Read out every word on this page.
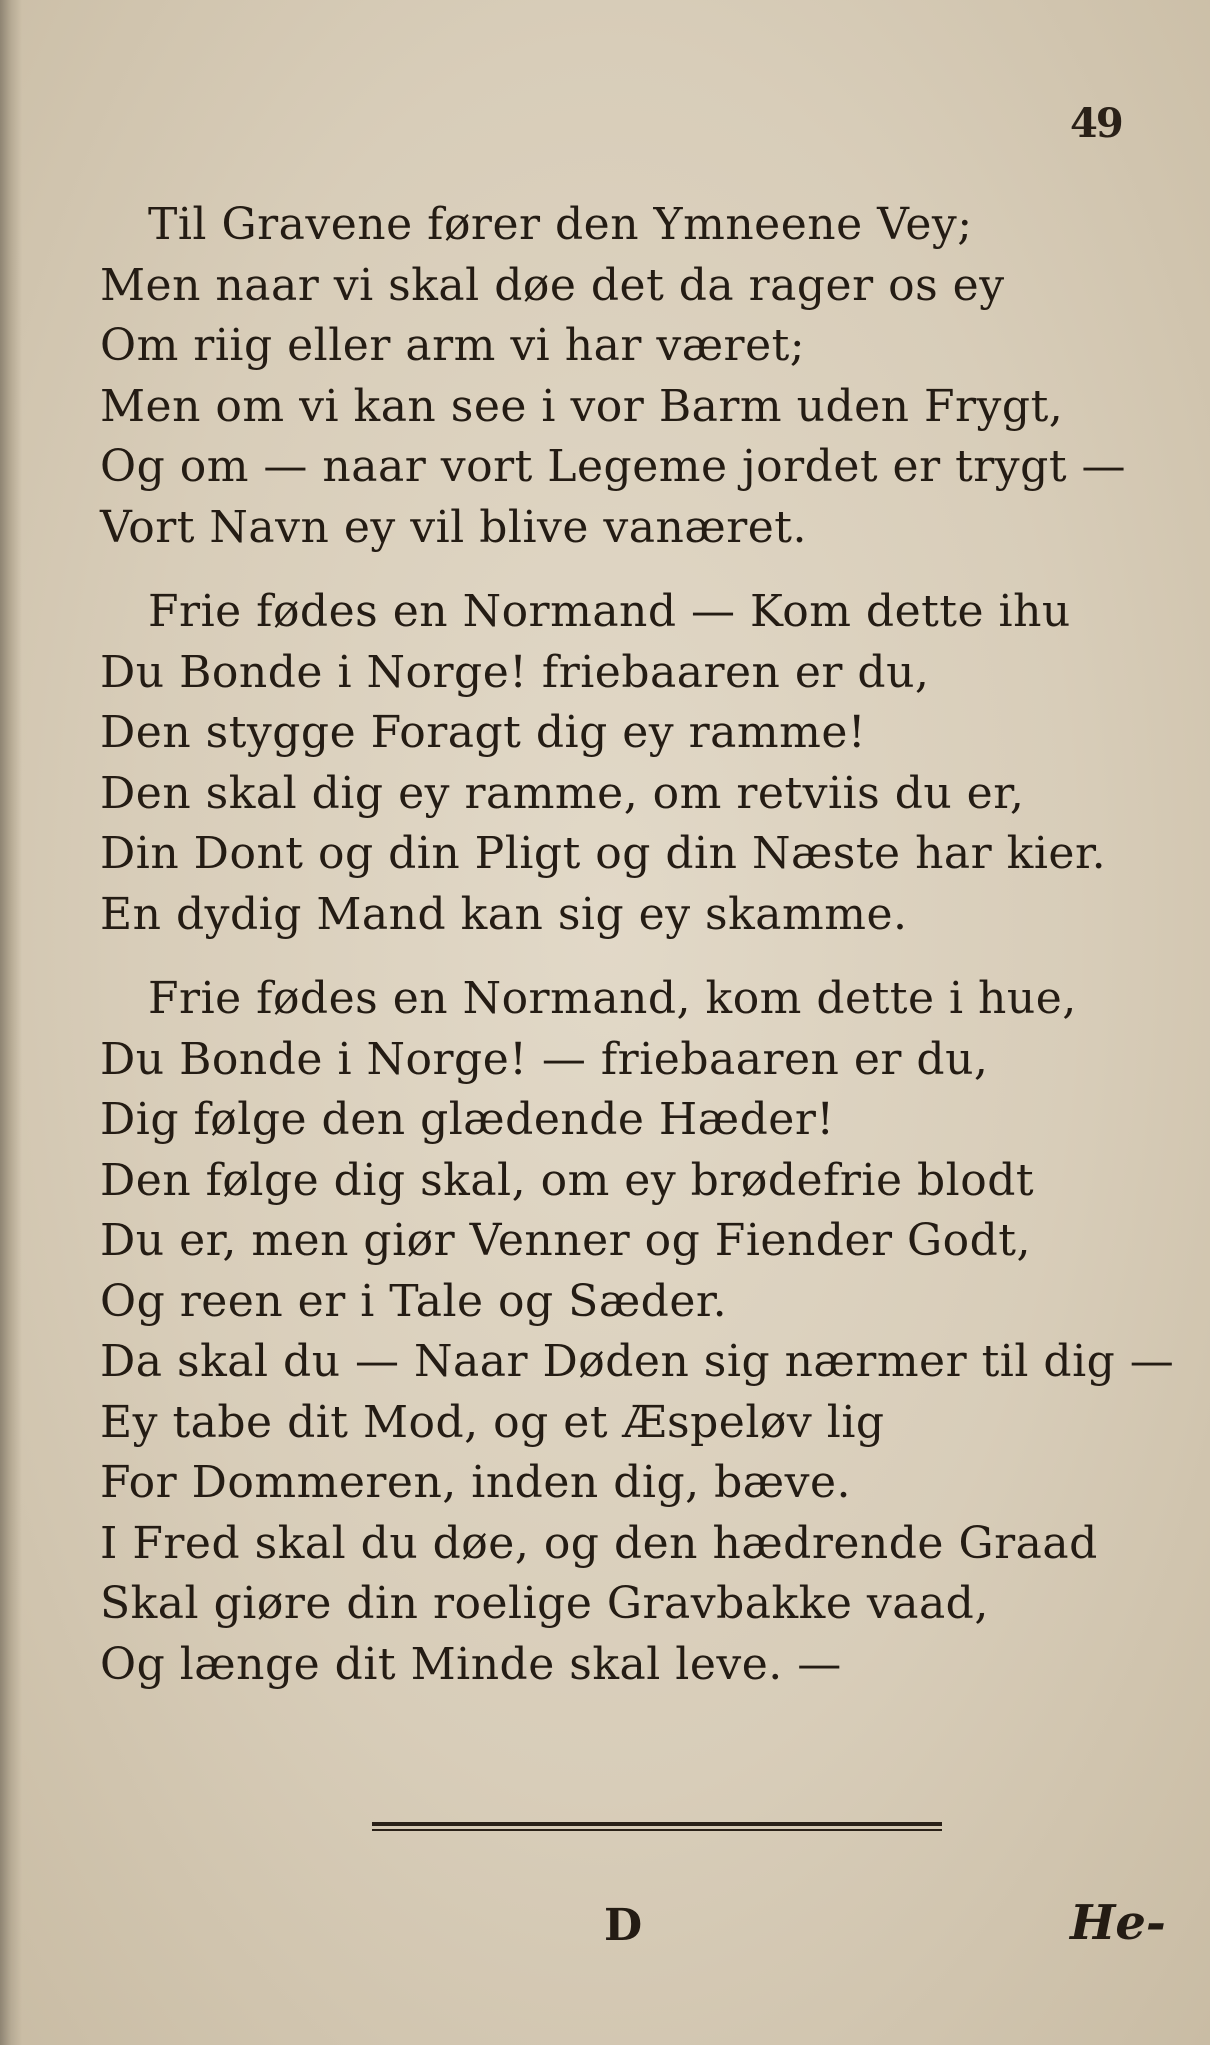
49
Til Gravene fører den Ymneene Vey;
Men naar vi skal døe det da rager os ey
Om riig eller arm vi har været;
Men om vi kan see i vor Barm uden Frygt,
Og om — naar vort Legeme jordet er trygt —
Vort Navn ey vil blive vanæret.
Frie fødes en Normand — Kom dette ihu
Du Bonde i Norge! friebaaren er du,
Den stygge Foragt dig ey ramme!
Den skal dig ey ramme, om retviis du er,
Din Dont og din Pligt og din Næste har kier.
En dydig Mand kan sig ey skamme.
Frie fødes en Normand, kom dette i hue,
Du Bonde i Norge! — friebaaren er du,
Dig følge den glædende Hæder!
Den følge dig skal, om ey brødefrie blodt
Du er, men giør Venner og Fiender Godt,
Og reen er i Tale og Sæder.
Da skal du — Naar Døden sig nærmer til dig —
Ey tabe dit Mod, og et Æspeløv lig
For Dommeren, inden dig, bæve.
I Fred skal du døe, og den hædrende Graad
Skal giøre din roelige Gravbakke vaad,
Og længe dit Minde skal leve. —
D	He-
